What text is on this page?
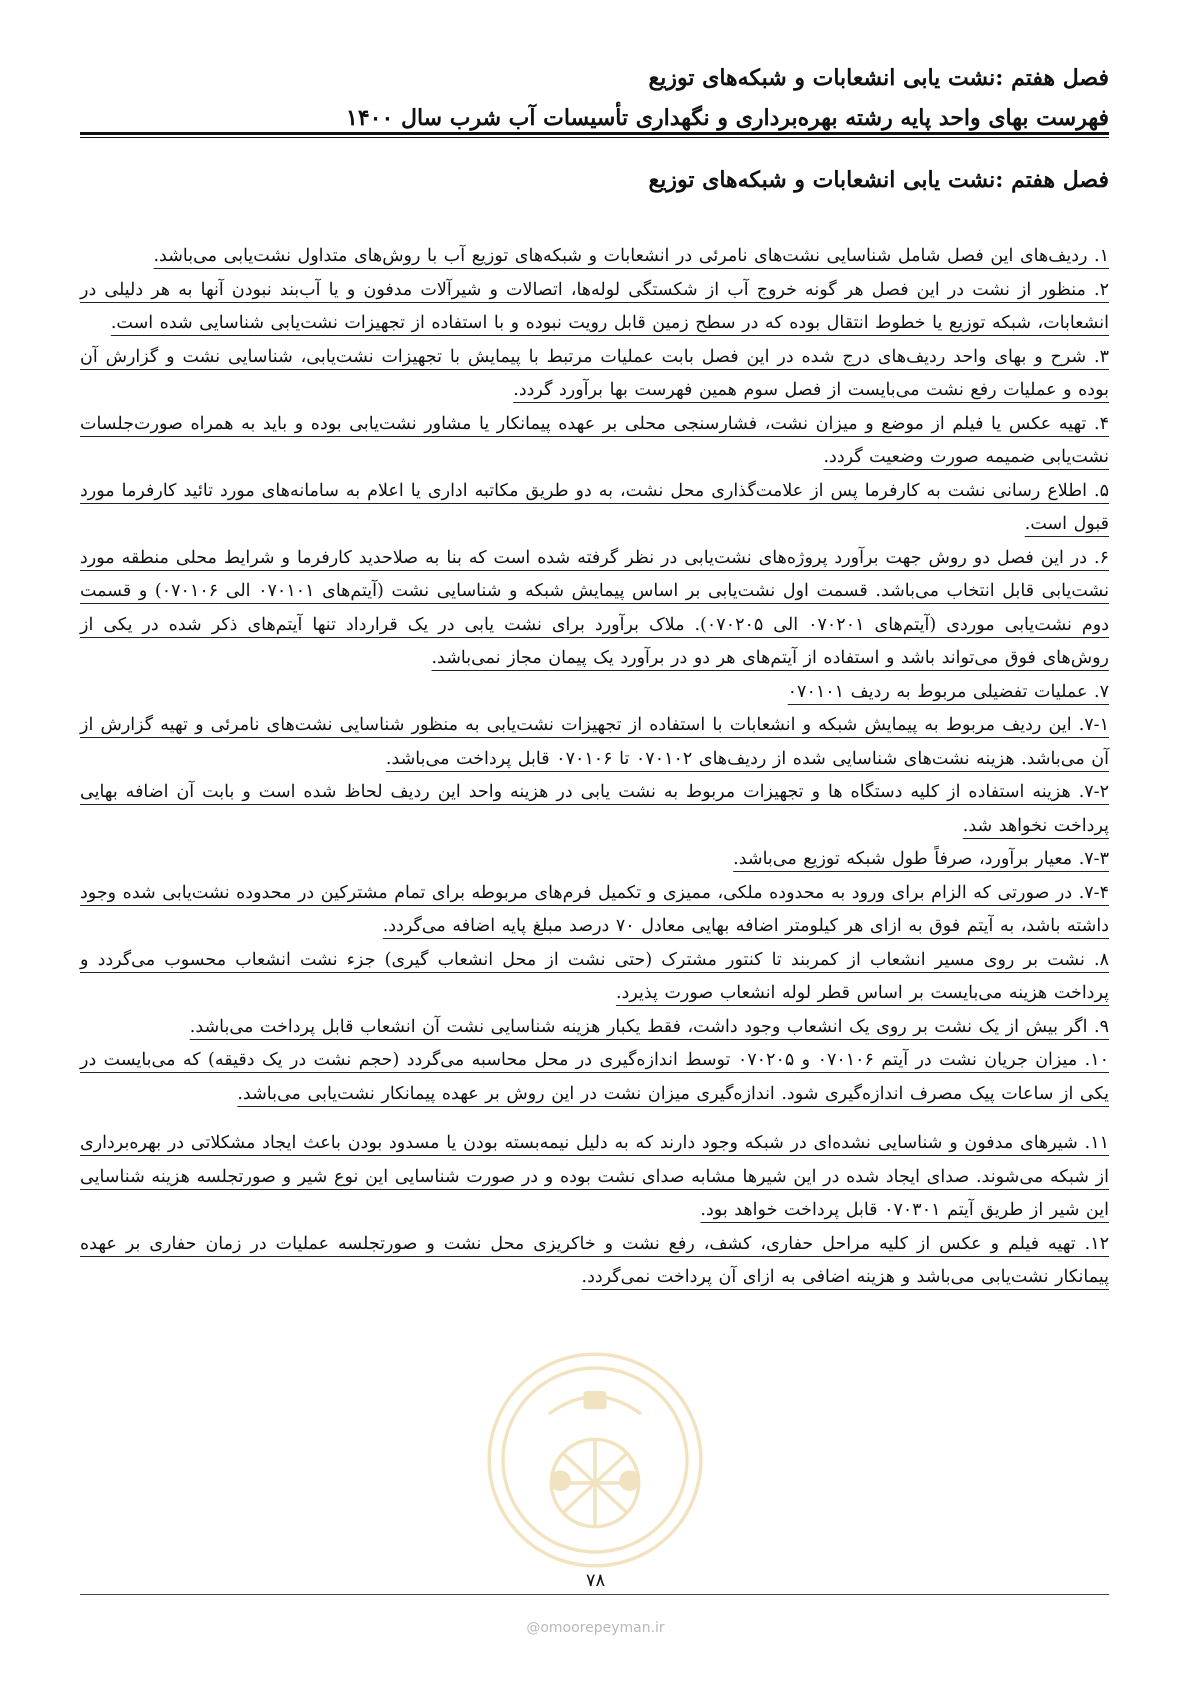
فصل هفتم :نشت یابی انشعابات و شبکه‌های توزیع
فهرست بهای واحد پایه رشته بهره‌برداری و نگهداری تأسیسات آب شرب سال ۱۴۰۰
فصل هفتم :نشت یابی انشعابات و شبکه‌های توزیع

۱. ردیف‌های این فصل شامل شناسایی نشت‌های نامرئی در انشعابات و شبکه‌های توزیع آب با روش‌های متداول نشت‌یابی می‌باشد.

۲. منظور از نشت در این فصل هر گونه خروج آب از شکستگی لوله‌ها، اتصالات و شیرآلات مدفون و یا آب‌بند نبودن آنها به هر دلیلی در انشعابات، شبکه توزیع یا خطوط انتقال بوده که در سطح زمین قابل رویت نبوده و با استفاده از تجهیزات نشت‌یابی شناسایی شده است.

۳. شرح و بهای واحد ردیف‌های درج شده در این فصل بابت عملیات مرتبط با پیمایش با تجهیزات نشت‌یابی، شناسایی نشت و گزارش آن بوده و عملیات رفع نشت می‌بایست از فصل سوم همین فهرست بها برآورد گردد.

۴. تهیه عکس یا فیلم از موضع و میزان نشت، فشارسنجی محلی بر عهده پیمانکار یا مشاور نشت‌یابی بوده و باید به همراه صورت‌جلسات نشت‌یابی ضمیمه صورت وضعیت گردد.

۵. اطلاع رسانی نشت به کارفرما پس از علامت‌گذاری محل نشت، به دو طریق مکاتبه اداری یا اعلام به سامانه‌های مورد تائید کارفرما مورد قبول است.

۶. در این فصل دو روش جهت برآورد پروژه‌های نشت‌یابی در نظر گرفته شده است که بنا به صلاحدید کارفرما و شرایط محلی منطقه مورد نشت‌یابی قابل انتخاب می‌باشد. قسمت اول نشت‌یابی بر اساس پیمایش شبکه و شناسایی نشت (آیتم‌های ۰۷۰۱۰۱ الی ۰۷۰۱۰۶) و قسمت دوم نشت‌یابی موردی (آیتم‌های ۰۷۰۲۰۱ الی ۰۷۰۲۰۵). ملاک برآورد برای نشت یابی در یک قرارداد تنها آیتم‌های ذکر شده در یکی از روش‌های فوق می‌تواند باشد و استفاده از آیتم‌های هر دو در برآورد یک پیمان مجاز نمی‌باشد.

۷. عملیات تفضیلی مربوط به ردیف ۰۷۰۱۰۱

۷-۱. این ردیف مربوط به پیمایش شبکه و انشعابات با استفاده از تجهیزات نشت‌یابی به منظور شناسایی نشت‌های نامرئی و تهیه گزارش از آن می‌باشد. هزینه نشت‌های شناسایی شده از ردیف‌های ۰۷۰۱۰۲ تا ۰۷۰۱۰۶ قابل پرداخت می‌باشد.

۷-۲. هزینه استفاده از کلیه دستگاه ها و تجهیزات مربوط به نشت یابی در هزینه واحد این ردیف لحاظ شده است و بابت آن اضافه بهایی پرداخت نخواهد شد.

۷-۳. معیار برآورد، صرفاً طول شبکه توزیع می‌باشد.

۷-۴. در صورتی که الزام برای ورود به محدوده ملکی، ممیزی و تکمیل فرم‌های مربوطه برای تمام مشترکین در محدوده نشت‌یابی شده وجود داشته باشد، به آیتم فوق به ازای هر کیلومتر اضافه بهایی معادل ۷۰ درصد مبلغ پایه اضافه می‌گردد.

۸. نشت بر روی مسیر انشعاب از کمربند تا کنتور مشترک (حتی نشت از محل انشعاب گیری) جزء نشت انشعاب محسوب می‌گردد و پرداخت هزینه می‌بایست بر اساس قطر لوله انشعاب صورت پذیرد.

۹. اگر بیش از یک نشت بر روی یک انشعاب وجود داشت، فقط یکبار هزینه شناسایی نشت آن انشعاب قابل پرداخت می‌باشد.

۱۰. میزان جریان نشت در آیتم ۰۷۰۱۰۶ و ۰۷۰۲۰۵ توسط اندازه‌گیری در محل محاسبه می‌گردد (حجم نشت در یک دقیقه) که می‌بایست در یکی از ساعات پیک مصرف اندازه‌گیری شود. اندازه‌گیری میزان نشت در این روش بر عهده پیمانکار نشت‌یابی می‌باشد.

۱۱. شیرهای مدفون و شناسایی نشده‌ای در شبکه وجود دارند که به دلیل نیمه‌بسته بودن یا مسدود بودن باعث ایجاد مشکلاتی در بهره‌برداری از شبکه می‌شوند. صدای ایجاد شده در این شیرها مشابه صدای نشت بوده و در صورت شناسایی این نوع شیر و صورتجلسه هزینه شناسایی این شیر از طریق آیتم ۰۷۰۳۰۱ قابل پرداخت خواهد بود.

۱۲. تهیه فیلم و عکس از کلیه مراحل حفاری، کشف، رفع نشت و خاکریزی محل نشت و صورتجلسه عملیات در زمان حفاری بر عهده پیمانکار نشت‌یابی می‌باشد و هزینه اضافی به ازای آن پرداخت نمی‌گردد.

۷۸
@omoorepeyman.ir
